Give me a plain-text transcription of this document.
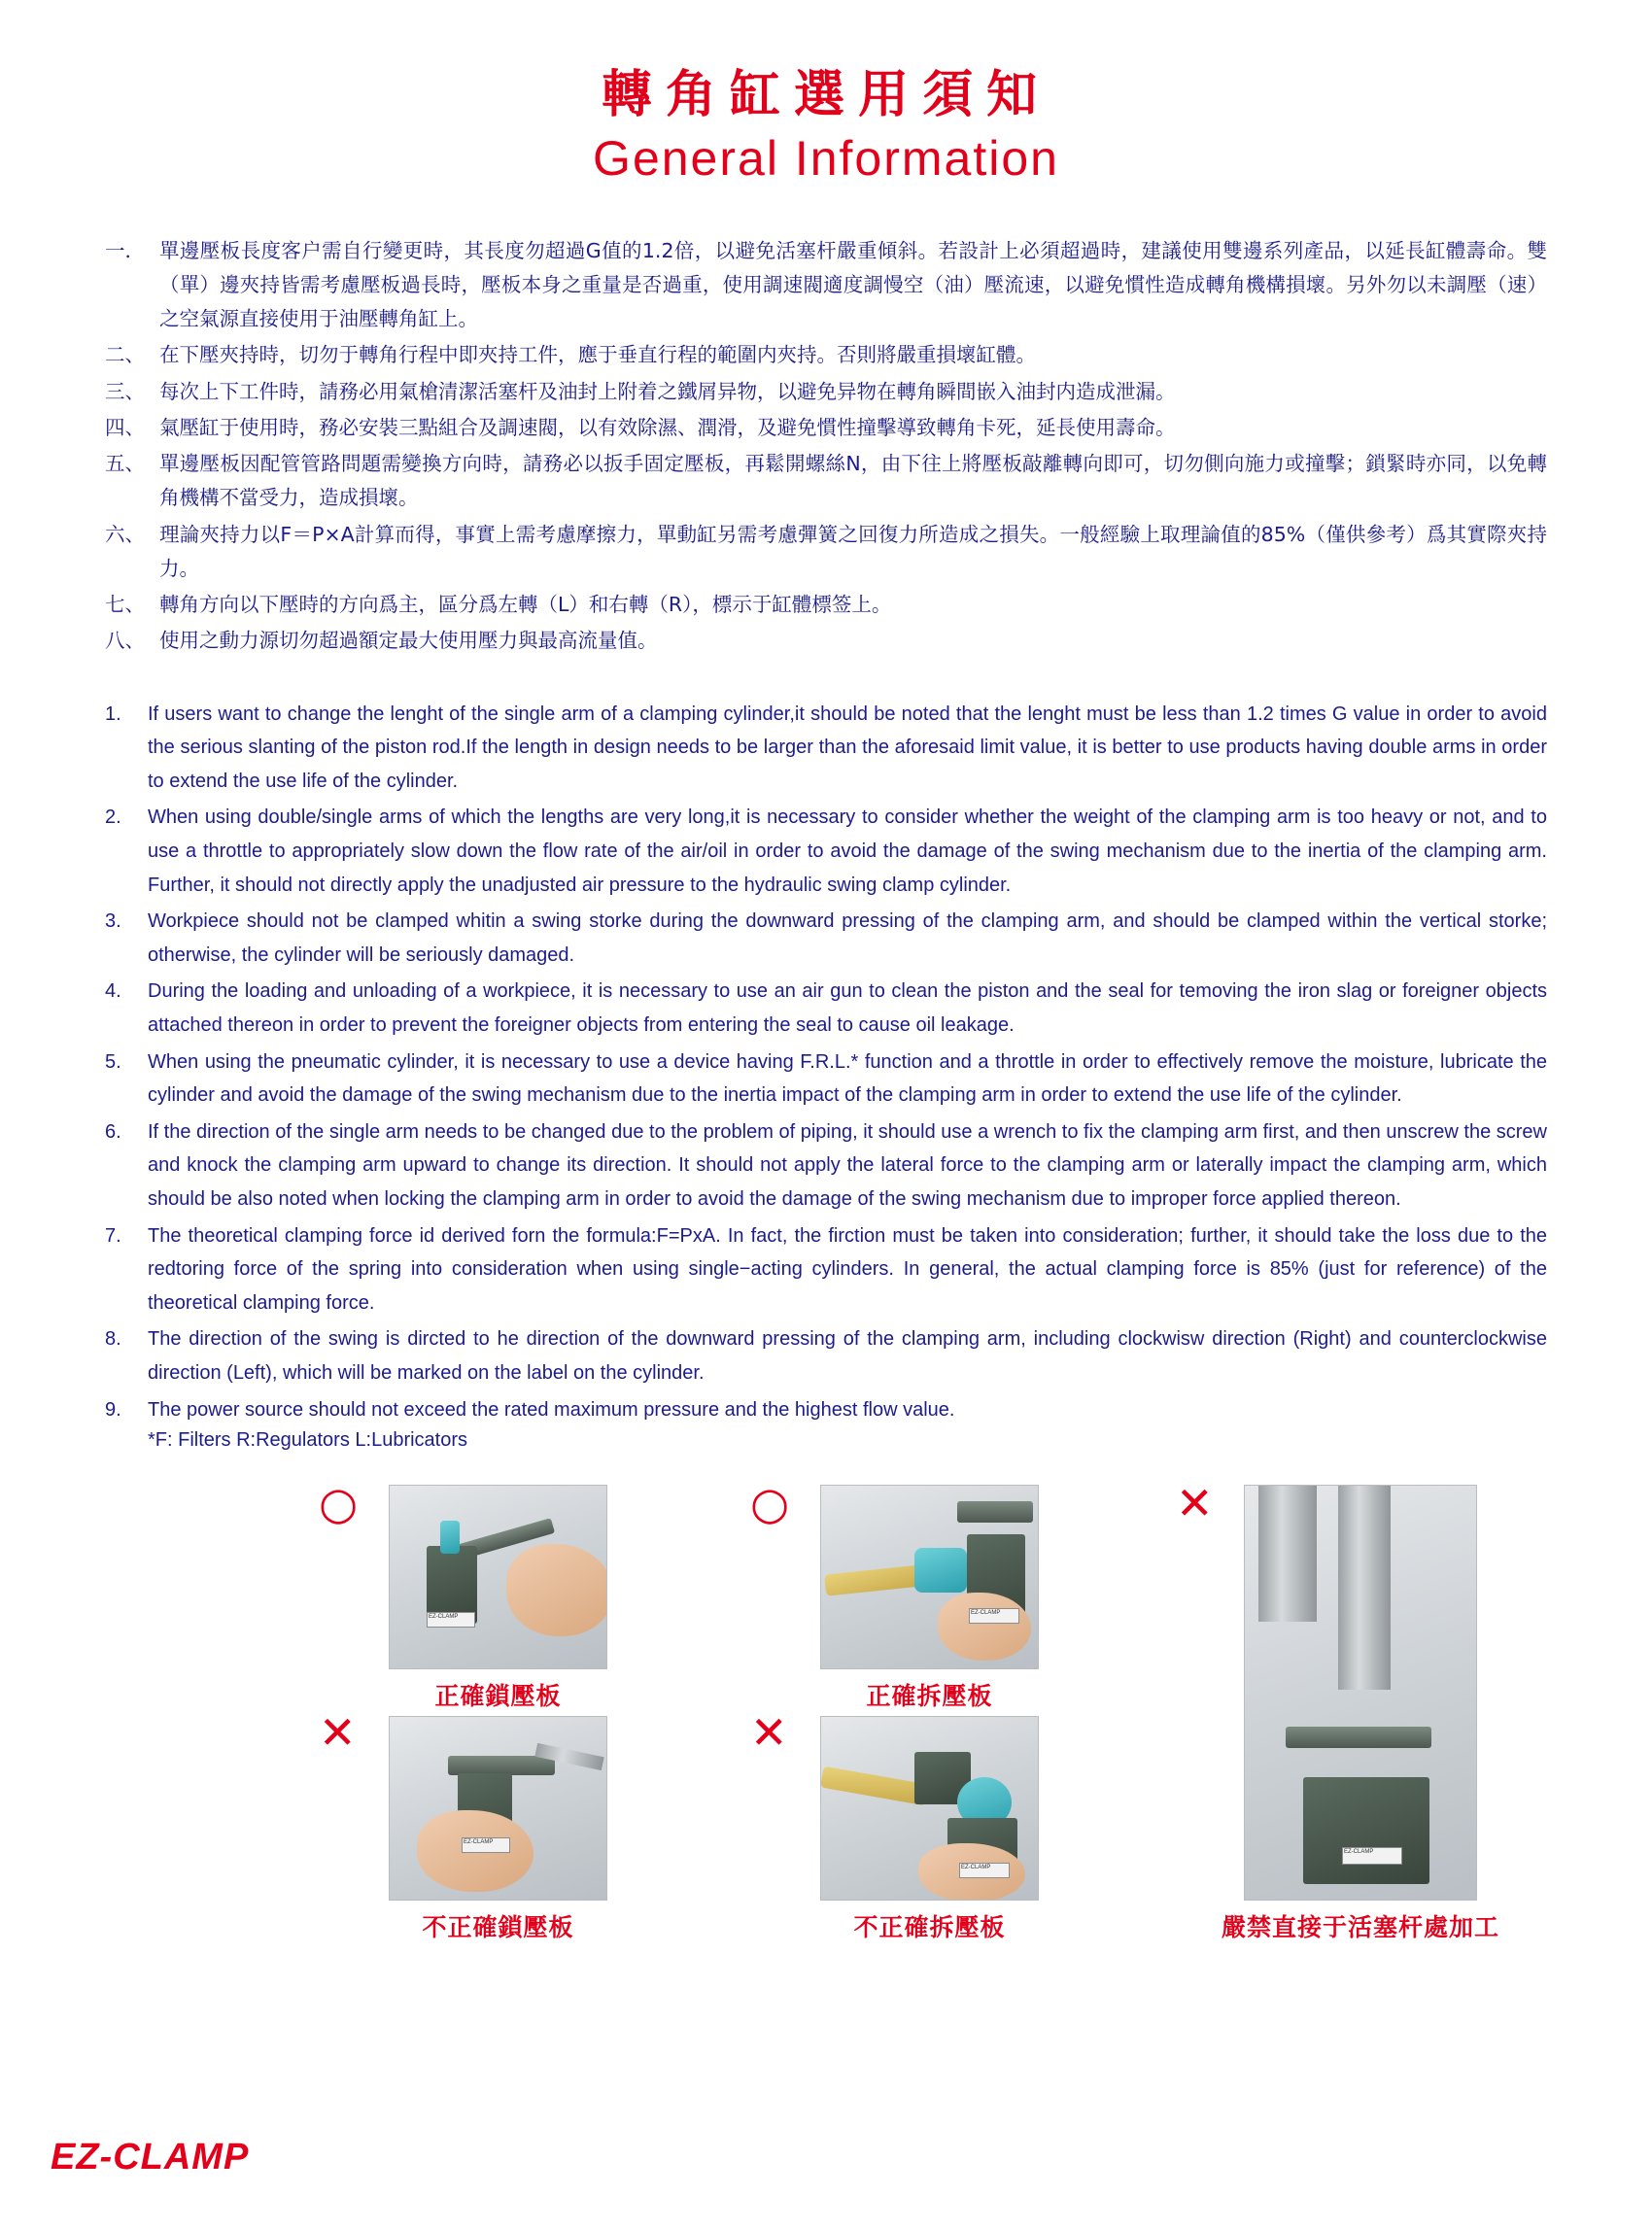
轉角缸選用須知
General Information
一． 單邊壓板長度客户需自行變更時，其長度勿超過G值的1.2倍，以避免活塞杆嚴重傾斜。若設計上必須超過時，建議使用雙邊系列產品，以延長缸體壽命。雙（單）邊夾持皆需考慮壓板過長時，壓板本身之重量是否過重，使用調速閥適度調慢空（油）壓流速，以避免慣性造成轉角機構損壞。另外勿以未調壓（速）之空氣源直接使用于油壓轉角缸上。
二、 在下壓夾持時，切勿于轉角行程中即夾持工件，應于垂直行程的範圍内夾持。否則將嚴重損壞缸體。
三、 每次上下工件時，請務必用氣槍清潔活塞杆及油封上附着之鐵屑异物，以避免异物在轉角瞬間嵌入油封内造成泄漏。
四、 氣壓缸于使用時，務必安裝三點組合及調速閥，以有效除濕、潤滑，及避免慣性撞擊導致轉角卡死，延長使用壽命。
五、 單邊壓板因配管管路問題需變換方向時，請務必以扳手固定壓板，再鬆開螺絲N，由下往上將壓板敲離轉向即可，切勿側向施力或撞擊；鎖緊時亦同，以免轉角機構不當受力，造成損壞。
六、 理論夾持力以F＝P×A計算而得，事實上需考慮摩擦力，單動缸另需考慮彈簧之回復力所造成之損失。一般經驗上取理論值的85%（僅供參考）爲其實際夾持力。
七、 轉角方向以下壓時的方向爲主，區分爲左轉（L）和右轉（R），標示于缸體標签上。
八、 使用之動力源切勿超過額定最大使用壓力與最高流量值。
1.	If users want to change the lenght of the single arm of a clamping cylinder,it should be noted that the lenght must be less than 1.2 times G value in order to avoid the serious slanting of the piston rod.If the length in design needs to be larger than the aforesaid limit value, it is better to use products having double arms in order to extend the use life of the cylinder.
2.	When using double/single arms of which the lengths are very long,it is necessary to consider whether the weight of the clamping arm is too heavy or not, and to use a throttle to appropriately slow down the flow rate of the air/oil in order to avoid the damage of the swing mechanism due to the inertia of the clamping arm. Further, it should not directly apply the unadjusted air pressure to the hydraulic swing clamp cylinder.
3.	Workpiece should not be clamped whitin a swing storke during the downward pressing of the clamping arm, and should be clamped within the vertical storke; otherwise, the cylinder will be seriously damaged.
4.	During the loading and unloading of a workpiece, it is necessary to use an air gun to clean the piston and the seal for temoving the iron slag or foreigner objects attached thereon in order to prevent the foreigner objects from entering the seal to cause oil leakage.
5.	When using the pneumatic cylinder, it is necessary to use a device having F.R.L.* function and a throttle in order to effectively remove the moisture, lubricate the cylinder and avoid the damage of the swing mechanism due to the inertia impact of the clamping arm in order to extend the use life of the cylinder.
6.	If the direction of the single arm needs to be changed due to the problem of piping, it should use a wrench to fix the clamping arm first, and then unscrew the screw and knock the clamping arm upward to change its direction. It should not apply the lateral force to the clamping arm or laterally impact the clamping arm, which should be also noted when locking the clamping arm in order to avoid the damage of the swing mechanism due to improper force applied thereon.
7.	The theoretical clamping force id derived forn the formula:F=PxA. In fact, the firction must be taken into consideration; further, it should take the loss due to the redtoring force of the spring into consideration when using single−acting cylinders. In general, the actual clamping force is 85% (just for reference) of the theoretical clamping force.
8.	The direction of the swing is dircted to he direction of the downward pressing of the clamping arm, including clockwisw direction (Right) and counterclockwise direction (Left), which will be marked on the label on the cylinder.
9.	The power source should not exceed the rated maximum pressure and the highest flow value.
*F: Filters R:Regulators L:Lubricators
○
EZ-CLAMP
正確鎖壓板
○
EZ-CLAMP
正確拆壓板
✕
EZ-CLAMP
嚴禁直接于活塞杆處加工
✕
EZ-CLAMP
不正確鎖壓板
✕
EZ-CLAMP
不正確拆壓板
EZ-CLAMP
